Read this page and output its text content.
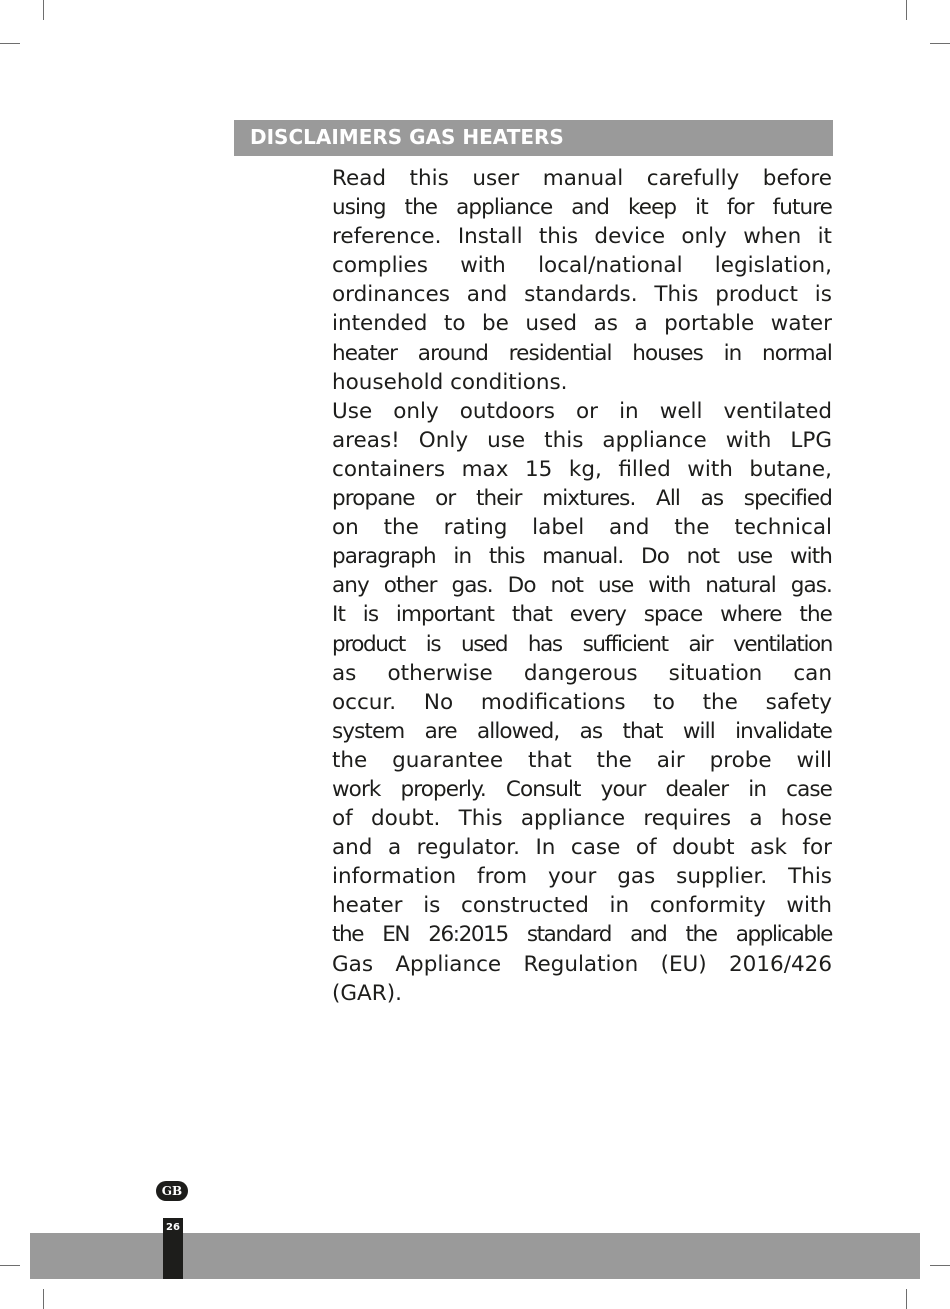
DISCLAIMERS GAS HEATERS
Read this user manual carefully before
using the appliance and keep it for future
reference. Install this device only when it
complies with local/national legislation,
ordinances and standards. This product is
intended to be used as a portable water
heater around residential houses in normal
household conditions.
Use only outdoors or in well ventilated
areas! Only use this appliance with LPG
containers max 15 kg, filled with butane,
propane or their mixtures. All as specified
on the rating label and the technical
paragraph in this manual. Do not use with
any other gas. Do not use with natural gas.
It is important that every space where the
product is used has sufficient air ventilation
as otherwise dangerous situation can
occur. No modifications to the safety
system are allowed, as that will invalidate
the guarantee that the air probe will
work properly. Consult your dealer in case
of doubt. This appliance requires a hose
and a regulator. In case of doubt ask for
information from your gas supplier. This
heater is constructed in conformity with
the EN 26:2015 standard and the applicable
Gas Appliance Regulation (EU) 2016/426
(GAR).
GB
26
